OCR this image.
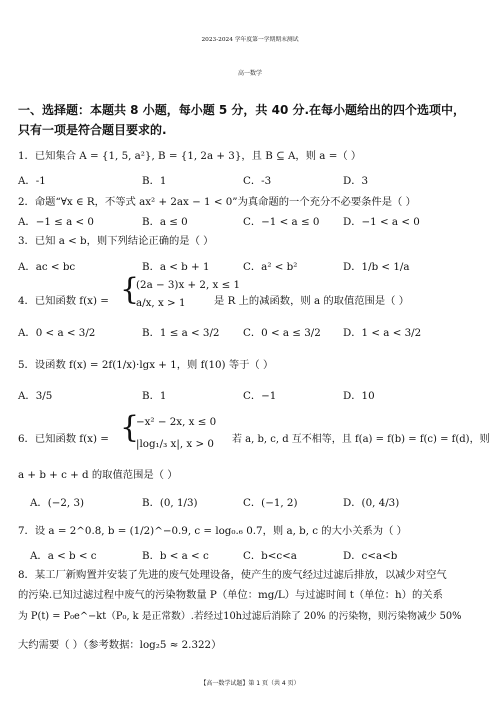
2023-2024 学年度第一学期期末测试
高一数学
一、选择题：本题共 8 小题，每小题 5 分，共 40 分.在每小题给出的四个选项中，
只有一项是符合题目要求的.
1．已知集合 A = {1, 5, a²}, B = {1, 2a + 3}，且 B ⊆ A，则 a =（ ）
A．-1	B．1	C．-3	D．3
2．命题“∀x ∈ R，不等式 ax² + 2ax − 1 < 0”为真命题的一个充分不必要条件是（ ）
A．−1 ≤ a < 0	B．a ≤ 0	C．−1 < a ≤ 0 D．−1 < a < 0
3．已知 a < b，则下列结论正确的是（ ）
A．ac < bc	B．a < b + 1	C．a² < b²	D．1/b < 1/a
4．已知函数 f(x) = {
(2a − 3)x + 2, x ≤ 1
a/x, x > 1	是 R 上的减函数，则 a 的取值范围是（ ）
A．0 < a < 3/2	B．1 ≤ a < 3/2 C．0 < a ≤ 3/2 D．1 < a < 3/2
5．设函数 f(x) = 2f(1/x)·lgx + 1，则 f(10) 等于（ ）
A．3/5	B．1	C．−1	D．10
6．已知函数 f(x) = {
−x² − 2x, x ≤ 0
|log₁/₃ x|, x > 0 若 a, b, c, d 互不相等，且 f(a) = f(b) = f(c) = f(d)，则
a + b + c + d 的取值范围是（ ）
A．(−2, 3)	B．(0, 1/3)	C．(−1, 2)	D．(0, 4/3)
7．设 a = 2^0.8, b = (1/2)^−0.9, c = log₀.₆ 0.7，则 a, b, c 的大小关系为（ ）
A．a < b < c	B．b < a < c	C．b<c<a	D．c<a<b
8．某工厂新购置并安装了先进的废气处理设备，使产生的废气经过过滤后排放，以减少对空气
的污染.已知过滤过程中废气的污染物数量 P（单位：mg/L）与过滤时间 t（单位：h）的关系
为 P(t) = P₀e^−kt（P₀, k 是正常数）.若经过10h过滤后消除了 20% 的污染物，则污染物减少 50%
大约需要（ ）（参考数据：log₂5 ≈ 2.322）
【高一数学试题】第 1 页（共 4 页）
